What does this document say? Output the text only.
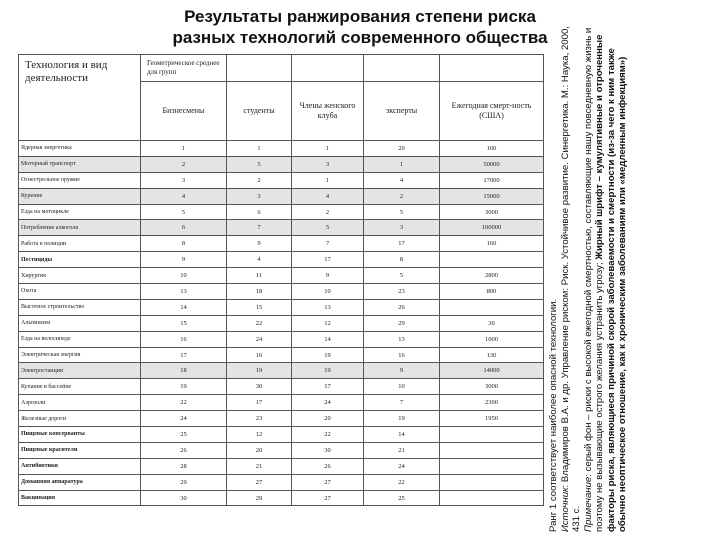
Результаты ранжирования степени риска
разных технологий современного общества
Технология и вид деятельности	Геометрическое среднее для групп				
	Бизнесмены	студенты	Члены женского клуба	эксперты	Ежегодная смерт-ность (США)
Ядерная энергетика	1	1	1	20	100
Моторный транспорт	2	5	3	1	50000
Огнестрельное оружие	3	2	1	4	17000
Курение	4	3	4	2	15000
Езда на мотоцикле	5	6	2	5	3000
Потребление алкоголя	6	7	5	3	100000
Работа в полиции	8	9	7	17	160
Пестициды	9	4	17	8	
Хирургия	10	11	9	5	2800
Охота	13	18	10	23	800
Высотное строительство	14	15	13	26	
Альпинизм	15	22	12	29	30
Езда на велосипеде	16	24	14	13	1000
Электрическая энергия	17	16	19	16	130
Электростанции	18	19	19	9	14000
Купание в бассейне	19	30	17	10	3000
Аэрозоли	22	17	24	7	2300
Железные дороги	24	23	20	19	1950
Пищевые консерванты	25	12	22	14	
Пищевые красители	26	20	30	21	
Антибиотики	28	21	26	24	
Домашняя аппаратура	29	27	27	22	
Вакцинация	30	29	27	25		Ранг 1 соответствует наиболее опасной технологии. Источник: Владимиров В.А. и др. Управление риском: Риск. Устойчивое развитие. Синергетика. М.: Наука, 2000, 431 с. Примечание: серый фон – риски с высокой ежегодной смертностью, составляющие нашу повседневную жизнь и поэтому не вызывающие острого желания устранить угрозу; Жирный шрифт – кумулятивные и отроченные факторы риска, являющиеся причиной скорой заболеваемости и смертности (из-за чего к ним также обычно неоптическое отношение, как к хроническим заболеваниям или «медленным инфекциям»)
